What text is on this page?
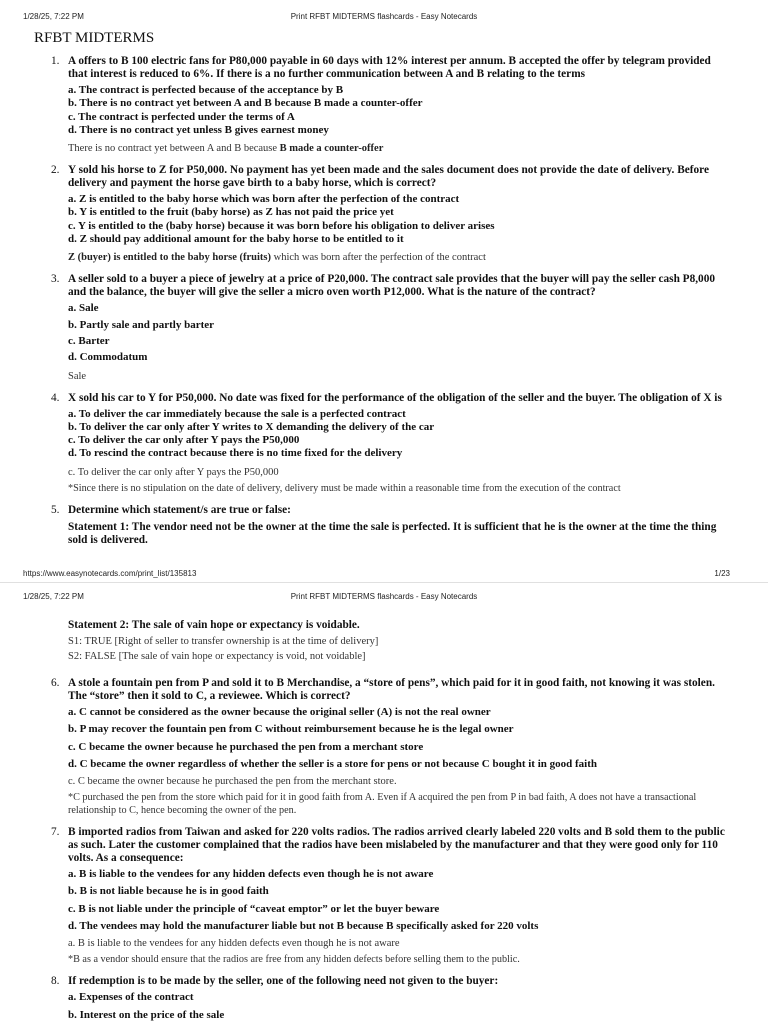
1/28/25, 7:22 PM	Print RFBT MIDTERMS flashcards - Easy Notecards
RFBT MIDTERMS
1. A offers to B 100 electric fans for P80,000 payable in 60 days with 12% interest per annum. B accepted the offer by telegram provided that interest is reduced to 6%. If there is a no further communication between A and B relating to the terms
a. The contract is perfected because of the acceptance by B
b. There is no contract yet between A and B because B made a counter-offer
c. The contract is perfected under the terms of A
d. There is no contract yet unless B gives earnest money
There is no contract yet between A and B because B made a counter-offer
2. Y sold his horse to Z for P50,000. No payment has yet been made and the sales document does not provide the date of delivery. Before delivery and payment the horse gave birth to a baby horse, which is correct?
a. Z is entitled to the baby horse which was born after the perfection of the contract
b. Y is entitled to the fruit (baby horse) as Z has not paid the price yet
c. Y is entitled to the (baby horse) because it was born before his obligation to deliver arises
d. Z should pay additional amount for the baby horse to be entitled to it
Z (buyer) is entitled to the baby horse (fruits) which was born after the perfection of the contract
3. A seller sold to a buyer a piece of jewelry at a price of P20,000. The contract sale provides that the buyer will pay the seller cash P8,000 and the balance, the buyer will give the seller a micro oven worth P12,000. What is the nature of the contract?
a. Sale
b. Partly sale and partly barter
c. Barter
d. Commodatum
Sale
4. X sold his car to Y for P50,000. No date was fixed for the performance of the obligation of the seller and the buyer. The obligation of X is
a. To deliver the car immediately because the sale is a perfected contract
b. To deliver the car only after Y writes to X demanding the delivery of the car
c. To deliver the car only after Y pays the P50,000
d. To rescind the contract because there is no time fixed for the delivery
c. To deliver the car only after Y pays the P50,000
*Since there is no stipulation on the date of delivery, delivery must be made within a reasonable time from the execution of the contract
5. Determine which statement/s are true or false:
Statement 1: The vendor need not be the owner at the time the sale is perfected. It is sufficient that he is the owner at the time the thing sold is delivered.
https://www.easynotecards.com/print_list/135813	1/23
1/28/25, 7:22 PM	Print RFBT MIDTERMS flashcards - Easy Notecards
Statement 2: The sale of vain hope or expectancy is voidable.
S1: TRUE [Right of seller to transfer ownership is at the time of delivery]
S2: FALSE [The sale of vain hope or expectancy is void, not voidable]
6. A stole a fountain pen from P and sold it to B Merchandise, a “store of pens”, which paid for it in good faith, not knowing it was stolen. The “store” then it sold to C, a reviewee. Which is correct?
a. C cannot be considered as the owner because the original seller (A) is not the real owner
b. P may recover the fountain pen from C without reimbursement because he is the legal owner
c. C became the owner because he purchased the pen from a merchant store
d. C became the owner regardless of whether the seller is a store for pens or not because C bought it in good faith
c. C became the owner because he purchased the pen from the merchant store.
*C purchased the pen from the store which paid for it in good faith from A. Even if A acquired the pen from P in bad faith, A does not have a transactional relationship to C, hence becoming the owner of the pen.
7. B imported radios from Taiwan and asked for 220 volts radios. The radios arrived clearly labeled 220 volts and B sold them to the public as such. Later the customer complained that the radios have been mislabeled by the manufacturer and that they were good only for 110 volts. As a consequence:
a. B is liable to the vendees for any hidden defects even though he is not aware
b. B is not liable because he is in good faith
c. B is not liable under the principle of “caveat emptor” or let the buyer beware
d. The vendees may hold the manufacturer liable but not B because B specifically asked for 220 volts
a. B is liable to the vendees for any hidden defects even though he is not aware
*B as a vendor should ensure that the radios are free from any hidden defects before selling them to the public.
8. If redemption is to be made by the seller, one of the following need not given to the buyer:
a. Expenses of the contract
b. Interest on the price of the sale
